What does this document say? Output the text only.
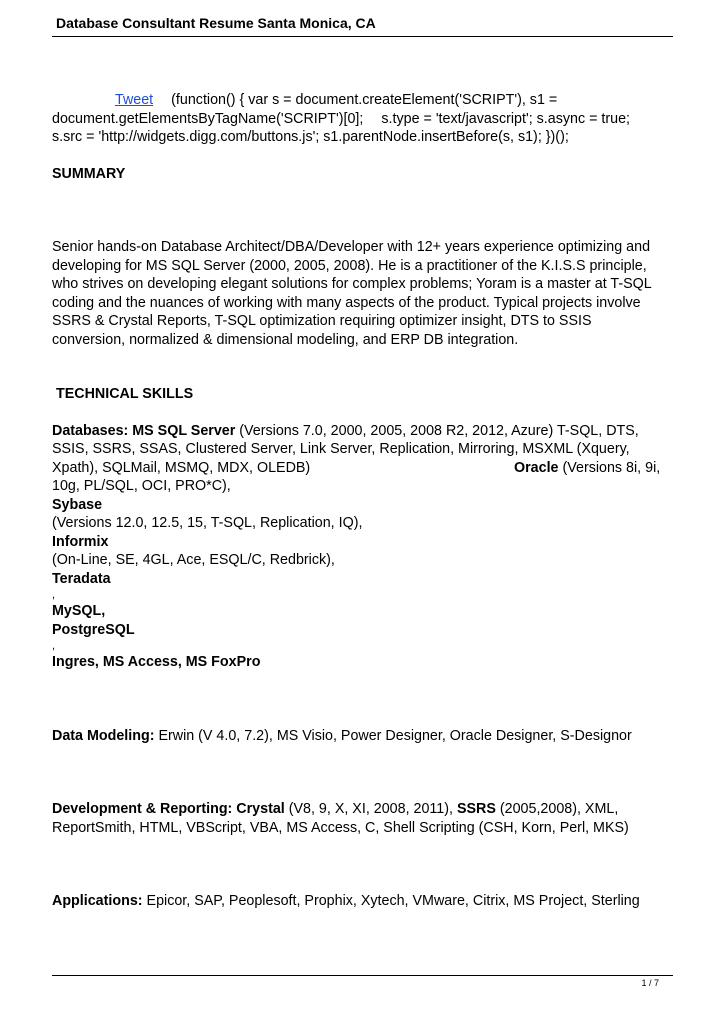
Database Consultant Resume Santa Monica, CA

Tweet (function() { var s = document.createElement('SCRIPT'), s1 =

document.getElementsByTagName('SCRIPT')[0]; s.type = 'text/javascript'; s.async = true;

s.src = 'http://widgets.digg.com/buttons.js'; s1.parentNode.insertBefore(s, s1); })();

SUMMARY

Senior hands-on Database Architect/DBA/Developer with 12+ years experience optimizing and

developing for MS SQL Server (2000, 2005, 2008). He is a practitioner of the K.I.S.S principle,

who strives on developing elegant solutions for complex problems; Yoram is a master at T-SQL

coding and the nuances of working with many aspects of the product. Typical projects involve

SSRS & Crystal Reports, T-SQL optimization requiring optimizer insight, DTS to SSIS

conversion, normalized & dimensional modeling, and ERP DB integration.

TECHNICAL SKILLS

Databases: MS SQL Server (Versions 7.0, 2000, 2005, 2008 R2, 2012, Azure) T-SQL, DTS,

SSIS, SSRS, SSAS, Clustered Server, Link Server, Replication, Mirroring, MSXML (Xquery,

Xpath), SQLMail, MSMQ, MDX, OLEDB)	Oracle (Versions 8i, 9i,

10g, PL/SQL, OCI, PRO*C),

Sybase

(Versions 12.0, 12.5, 15, T-SQL, Replication, IQ),

Informix

(On-Line, SE, 4GL, Ace, ESQL/C, Redbrick),

Teradata

,

MySQL,

PostgreSQL

,

Ingres, MS Access, MS FoxPro

Data Modeling: Erwin (V 4.0, 7.2), MS Visio, Power Designer, Oracle Designer, S-Designor

Development & Reporting: Crystal (V8, 9, X, XI, 2008, 2011), SSRS (2005,2008), XML,

ReportSmith, HTML, VBScript, VBA, MS Access, C, Shell Scripting (CSH, Korn, Perl, MKS)

Applications: Epicor, SAP, Peoplesoft, Prophix, Xytech, VMware, Citrix, MS Project, Sterling

1 / 7
